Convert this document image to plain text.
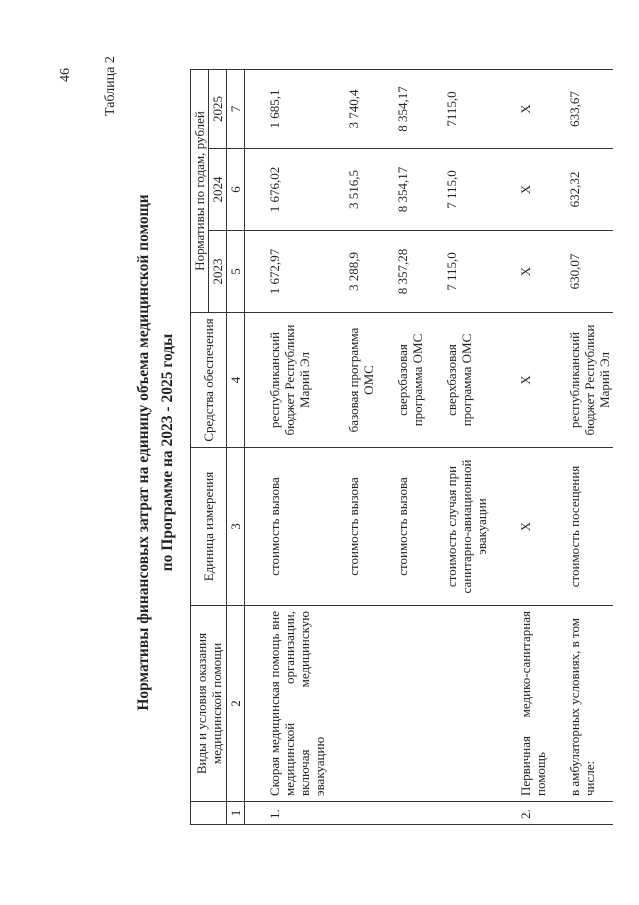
46 Таблица 2
Нормативы финансовых затрат на единицу объема медицинской помощи по Программе на 2023 - 2025 годы
	Виды и условия оказания медицинской помощи	Единица измерения	Средства обеспечения	Нормативы по годам, рублей		
				2023	2024	2025
1	2	3	4	5	6	7
1.	Скорая медицинская помощь вне медицинской организации, включая медицинскую эвакуацию	стоимость вызова	республиканский бюджет Республики Марий Эл	1 672,97	1 676,02	1 685,1
		стоимость вызова	базовая программа ОМС	3 288,9	3 516,5	3 740,4
		стоимость вызова	сверхбазовая программа ОМС	8 357,28	8 354,17	8 354,17
		стоимость случая при санитарно-авиационной эвакуации	сверхбазовая программа ОМС	7 115,0	7 115,0	7115,0
2.	Первичная медико-санитарная помощь	Х	Х	Х	Х	Х
	в амбулаторных условиях, в том числе:	стоимость посещения	республиканский бюджет Республики Марий Эл	630,07	632,32	633,67
